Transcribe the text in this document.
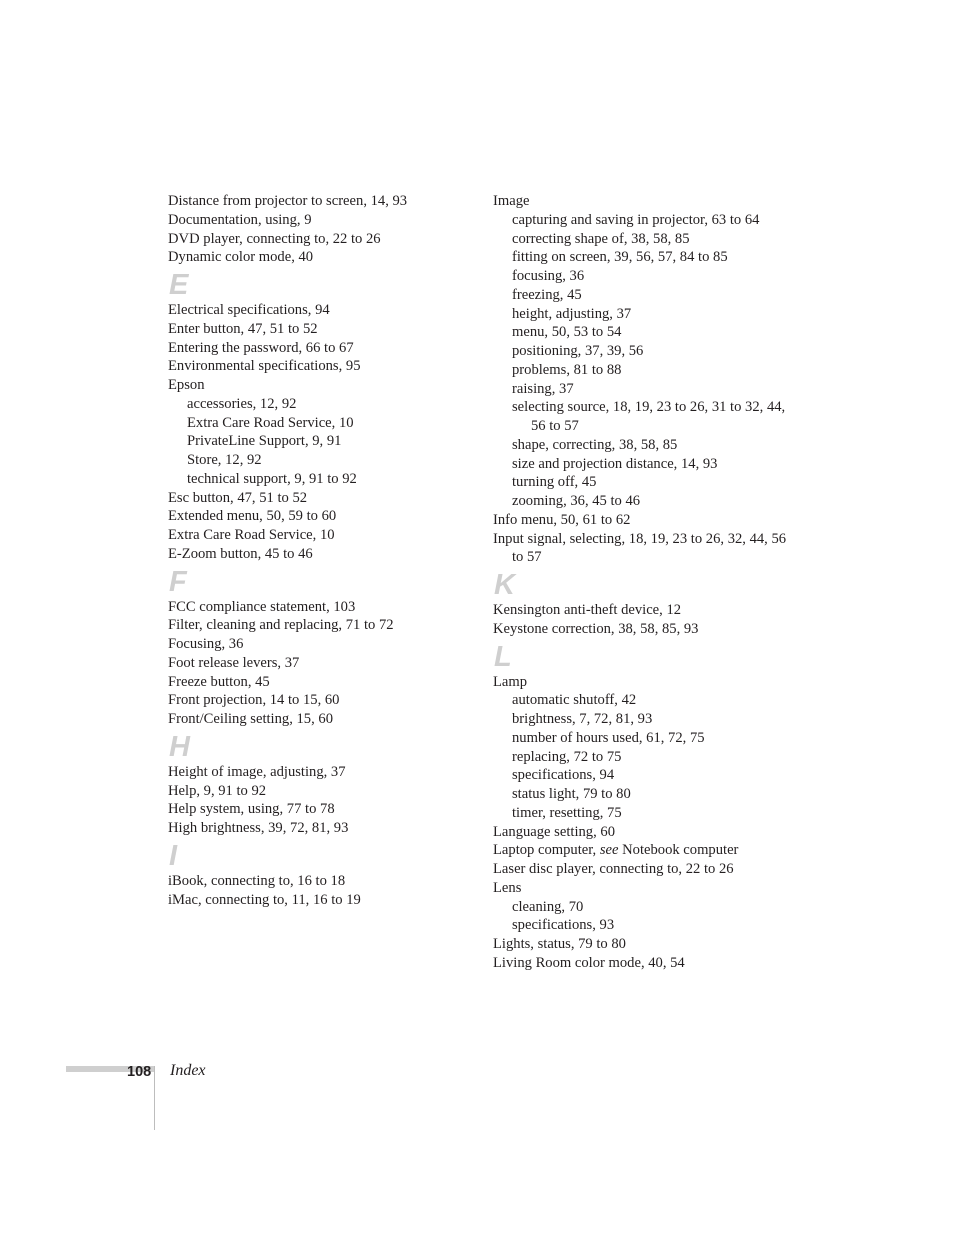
Distance from projector to screen, 14, 93
Documentation, using, 9
DVD player, connecting to, 22 to 26
Dynamic color mode, 40
E
Electrical specifications, 94
Enter button, 47, 51 to 52
Entering the password, 66 to 67
Environmental specifications, 95
Epson
accessories, 12, 92
Extra Care Road Service, 10
PrivateLine Support, 9, 91
Store, 12, 92
technical support, 9, 91 to 92
Esc button, 47, 51 to 52
Extended menu, 50, 59 to 60
Extra Care Road Service, 10
E-Zoom button, 45 to 46
F
FCC compliance statement, 103
Filter, cleaning and replacing, 71 to 72
Focusing, 36
Foot release levers, 37
Freeze button, 45
Front projection, 14 to 15, 60
Front/Ceiling setting, 15, 60
H
Height of image, adjusting, 37
Help, 9, 91 to 92
Help system, using, 77 to 78
High brightness, 39, 72, 81, 93
I
iBook, connecting to, 16 to 18
iMac, connecting to, 11, 16 to 19
Image
capturing and saving in projector, 63 to 64
correcting shape of, 38, 58, 85
fitting on screen, 39, 56, 57, 84 to 85
focusing, 36
freezing, 45
height, adjusting, 37
menu, 50, 53 to 54
positioning, 37, 39, 56
problems, 81 to 88
raising, 37
selecting source, 18, 19, 23 to 26, 31 to 32, 44, 56 to 57
shape, correcting, 38, 58, 85
size and projection distance, 14, 93
turning off, 45
zooming, 36, 45 to 46
Info menu, 50, 61 to 62
Input signal, selecting, 18, 19, 23 to 26, 32, 44, 56 to 57
K
Kensington anti-theft device, 12
Keystone correction, 38, 58, 85, 93
L
Lamp
automatic shutoff, 42
brightness, 7, 72, 81, 93
number of hours used, 61, 72, 75
replacing, 72 to 75
specifications, 94
status light, 79 to 80
timer, resetting, 75
Language setting, 60
Laptop computer, see Notebook computer
Laser disc player, connecting to, 22 to 26
Lens
cleaning, 70
specifications, 93
Lights, status, 79 to 80
Living Room color mode, 40, 54
108 Index
